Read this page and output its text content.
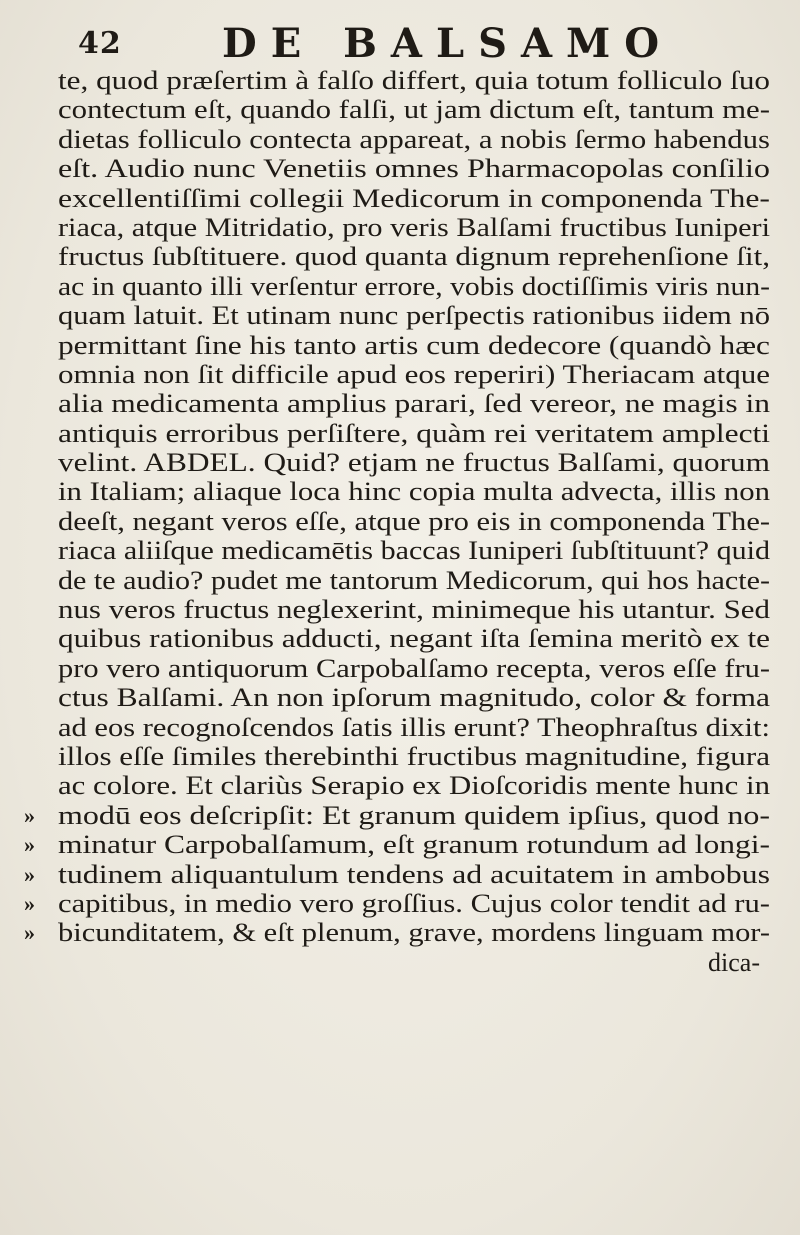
42	DE BALSAMO
te, quod præſertim à falſo differt, quia totum folliculo ſuo
contectum eſt, quando falſi, ut jam dictum eſt, tantum me-
dietas folliculo contecta appareat, a nobis ſermo habendus
eſt. Audio nunc Venetiis omnes Pharmacopolas conſilio
excellentiſſimi collegii Medicorum in componenda The-
riaca, atque Mitridatio, pro veris Balſami fructibus Iuniperi
fructus ſubſtituere. quod quanta dignum reprehenſione ſit,
ac in quanto illi verſentur errore, vobis doctiſſimis viris nun-
quam latuit. Et utinam nunc perſpectis rationibus iidem nō
permittant ſine his tanto artis cum dedecore (quandò hæc
omnia non ſit difficile apud eos reperiri) Theriacam atque
alia medicamenta amplius parari, ſed vereor, ne magis in
antiquis erroribus perſiſtere, quàm rei veritatem amplecti
velint. ABDEL. Quid? etjam ne fructus Balſami, quorum
in Italiam; aliaque loca hinc copia multa advecta, illis non
deeſt, negant veros eſſe, atque pro eis in componenda The-
riaca aliiſque medicamētis baccas Iuniperi ſubſtituunt? quid
de te audio? pudet me tantorum Medicorum, qui hos hacte-
nus veros fructus neglexerint, minimeque his utantur. Sed
quibus rationibus adducti, negant iſta ſemina meritò ex te
pro vero antiquorum Carpobalſamo recepta, veros eſſe fru-
ctus Balſami. An non ipſorum magnitudo, color & forma
ad eos recognoſcendos ſatis illis erunt? Theophraſtus dixit:
illos eſſe ſimiles therebinthi fructibus magnitudine, figura
ac colore. Et clariùs Serapio ex Dioſcoridis mente hunc in
» modū eos deſcripſit: Et granum quidem ipſius, quod no-
» minatur Carpobalſamum, eſt granum rotundum ad longi-
» tudinem aliquantulum tendens ad acuitatem in ambobus
» capitibus, in medio vero groſſius. Cujus color tendit ad ru-
» bicunditatem, & eſt plenum, grave, mordens linguam mor-
dica-
